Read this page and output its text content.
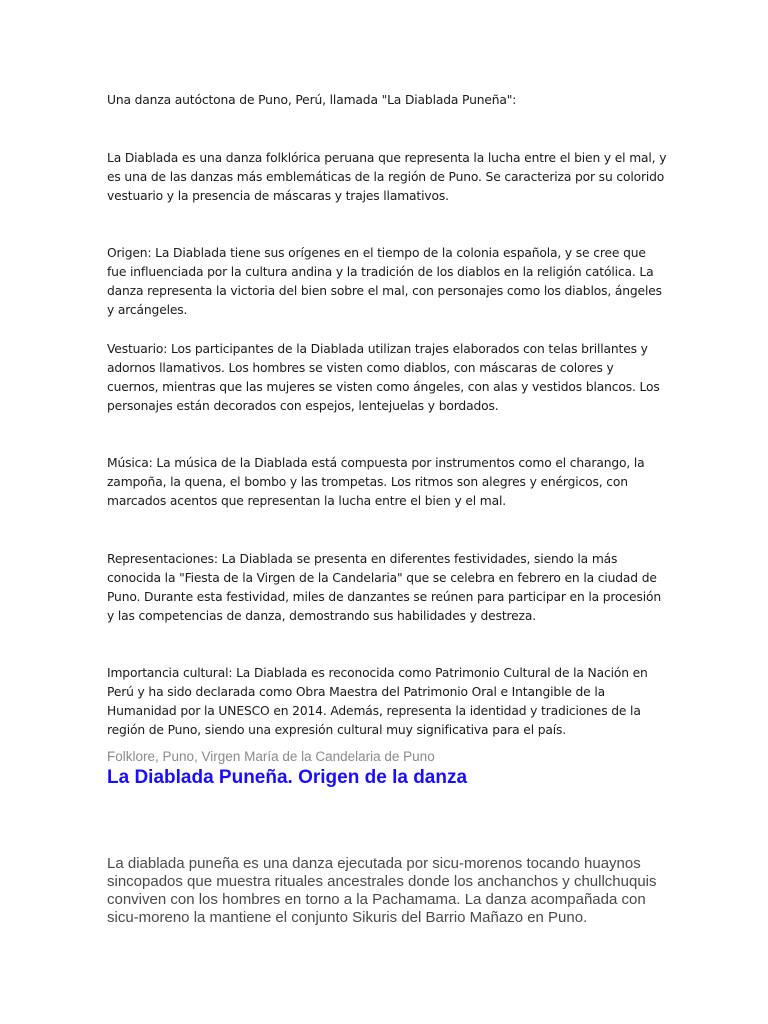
Una danza autóctona de Puno, Perú, llamada "La Diablada Puneña":

La Diablada es una danza folklórica peruana que representa la lucha entre el bien y el mal, y es una de las danzas más emblemáticas de la región de Puno. Se caracteriza por su colorido vestuario y la presencia de máscaras y trajes llamativos.

Origen: La Diablada tiene sus orígenes en el tiempo de la colonia española, y se cree que fue influenciada por la cultura andina y la tradición de los diablos en la religión católica. La danza representa la victoria del bien sobre el mal, con personajes como los diablos, ángeles y arcángeles.

Vestuario: Los participantes de la Diablada utilizan trajes elaborados con telas brillantes y adornos llamativos. Los hombres se visten como diablos, con máscaras de colores y cuernos, mientras que las mujeres se visten como ángeles, con alas y vestidos blancos. Los personajes están decorados con espejos, lentejuelas y bordados.

Música: La música de la Diablada está compuesta por instrumentos como el charango, la zampoña, la quena, el bombo y las trompetas. Los ritmos son alegres y enérgicos, con marcados acentos que representan la lucha entre el bien y el mal.

Representaciones: La Diablada se presenta en diferentes festividades, siendo la más conocida la "Fiesta de la Virgen de la Candelaria" que se celebra en febrero en la ciudad de Puno. Durante esta festividad, miles de danzantes se reúnen para participar en la procesión y las competencias de danza, demostrando sus habilidades y destreza.

Importancia cultural: La Diablada es reconocida como Patrimonio Cultural de la Nación en Perú y ha sido declarada como Obra Maestra del Patrimonio Oral e Intangible de la Humanidad por la UNESCO en 2014. Además, representa la identidad y tradiciones de la región de Puno, siendo una expresión cultural muy significativa para el país.

Folklore, Puno, Virgen María de la Candelaria de Puno

La Diablada Puneña. Origen de la danza

La diablada puneña es una danza ejecutada por sicu-morenos tocando huaynos sincopados que muestra rituales ancestrales donde los anchanchos y chullchuquis conviven con los hombres en torno a la Pachamama. La danza acompañada con sicu-moreno la mantiene el conjunto Sikuris del Barrio Mañazo en Puno.
